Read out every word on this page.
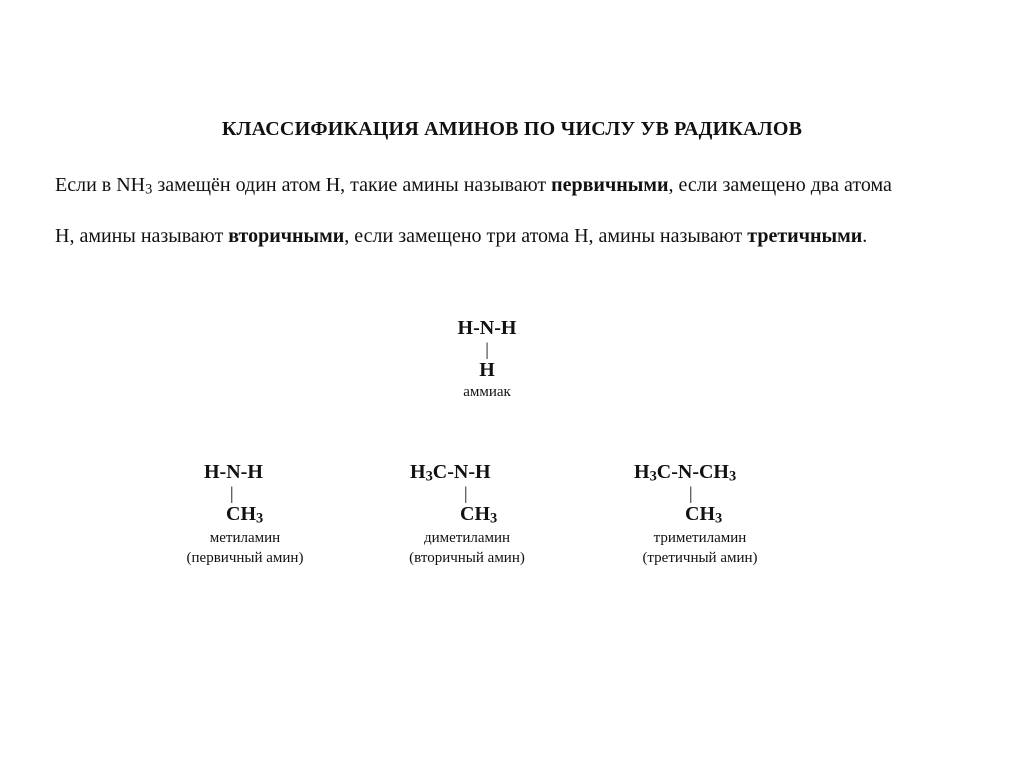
КЛАССИФИКАЦИЯ АМИНОВ ПО ЧИСЛУ УВ РАДИКАЛОВ
Если в $NH_3$ замещён один атом Н, такие амины называют первичными, если замещено два атома
Н, амины называют вторичными, если замещено три атома Н, амины называют третичными.
H-N-H
|
H
аммиак
H-N-H
|
$CH_3$
метиламин
(первичный амин)
$H_3C-N-H$
|
$CH_3$
диметиламин
(вторичный амин)
$H_3C-N-CH_3$
|
$CH_3$
триметиламин
(третичный амин)
